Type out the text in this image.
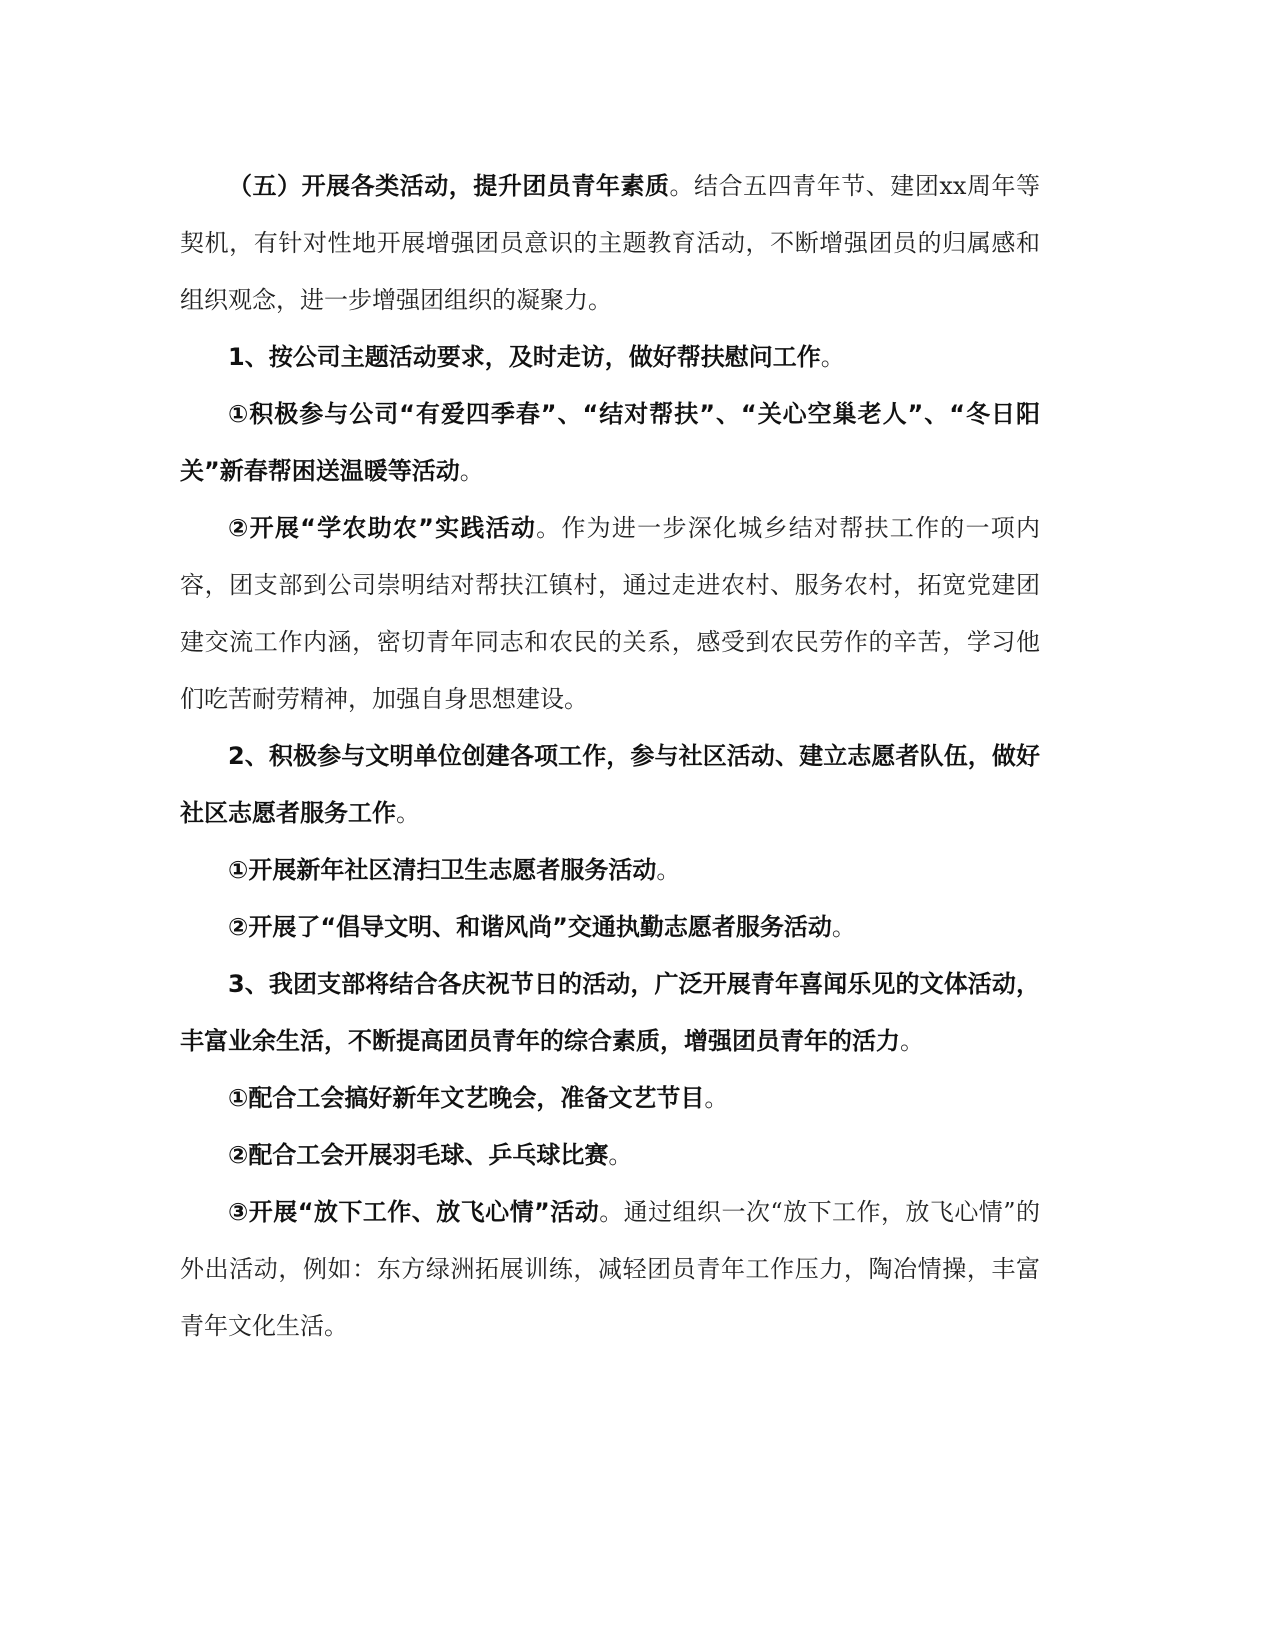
（五）开展各类活动，提升团员青年素质。结合五四青年节、建团xx周年等契机，有针对性地开展增强团员意识的主题教育活动，不断增强团员的归属感和组织观念，进一步增强团组织的凝聚力。

1、按公司主题活动要求，及时走访，做好帮扶慰问工作。

①积极参与公司“有爱四季春”、“结对帮扶”、“关心空巢老人”、“冬日阳关”新春帮困送温暖等活动。

②开展“学农助农”实践活动。作为进一步深化城乡结对帮扶工作的一项内容，团支部到公司崇明结对帮扶江镇村，通过走进农村、服务农村，拓宽党建团建交流工作内涵，密切青年同志和农民的关系，感受到农民劳作的辛苦，学习他们吃苦耐劳精神，加强自身思想建设。

2、积极参与文明单位创建各项工作，参与社区活动、建立志愿者队伍，做好社区志愿者服务工作。

①开展新年社区清扫卫生志愿者服务活动。

②开展了“倡导文明、和谐风尚”交通执勤志愿者服务活动。

3、我团支部将结合各庆祝节日的活动，广泛开展青年喜闻乐见的文体活动，丰富业余生活，不断提高团员青年的综合素质，增强团员青年的活力。

①配合工会搞好新年文艺晚会，准备文艺节目。

②配合工会开展羽毛球、乒乓球比赛。

③开展“放下工作、放飞心情”活动。通过组织一次“放下工作，放飞心情”的外出活动，例如：东方绿洲拓展训练，减轻团员青年工作压力，陶冶情操，丰富青年文化生活。
